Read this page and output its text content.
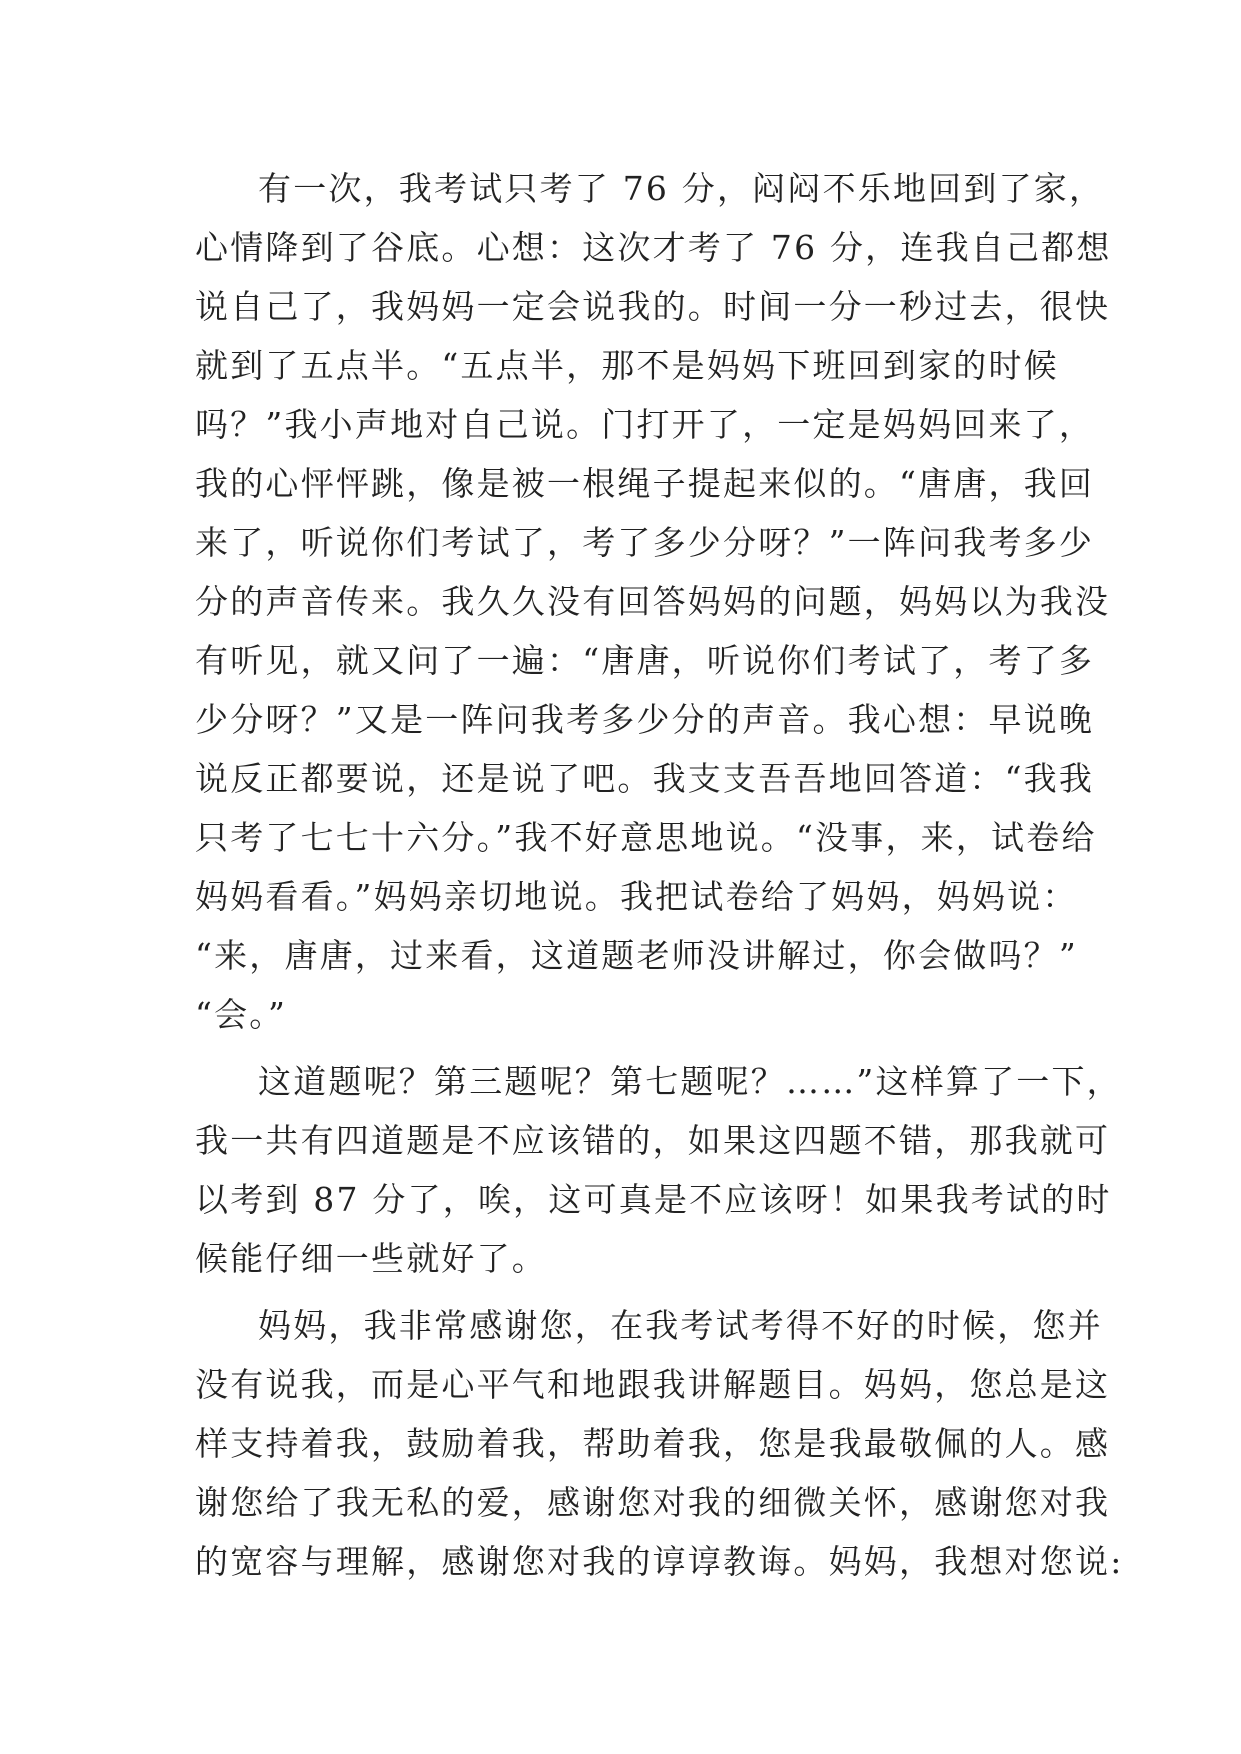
有一次，我考试只考了 76 分，闷闷不乐地回到了家，
心情降到了谷底。心想：这次才考了 76 分，连我自己都想
说自己了，我妈妈一定会说我的。时间一分一秒过去，很快
就到了五点半。“五点半，那不是妈妈下班回到家的时候
吗？”我小声地对自己说。门打开了，一定是妈妈回来了，
我的心怦怦跳，像是被一根绳子提起来似的。“唐唐，我回
来了，听说你们考试了，考了多少分呀？”一阵问我考多少
分的声音传来。我久久没有回答妈妈的问题，妈妈以为我没
有听见，就又问了一遍：“唐唐，听说你们考试了，考了多
少分呀？”又是一阵问我考多少分的声音。我心想：早说晚
说反正都要说，还是说了吧。我支支吾吾地回答道：“我我
只考了七七十六分。”我不好意思地说。“没事，来，试卷给
妈妈看看。”妈妈亲切地说。我把试卷给了妈妈，妈妈说：
“来，唐唐，过来看，这道题老师没讲解过，你会做吗？”
“会。”
这道题呢？第三题呢？第七题呢？……”这样算了一下，
我一共有四道题是不应该错的，如果这四题不错，那我就可
以考到 87 分了，唉，这可真是不应该呀！如果我考试的时
候能仔细一些就好了。
妈妈，我非常感谢您，在我考试考得不好的时候，您并
没有说我，而是心平气和地跟我讲解题目。妈妈，您总是这
样支持着我，鼓励着我，帮助着我，您是我最敬佩的人。感
谢您给了我无私的爱，感谢您对我的细微关怀，感谢您对我
的宽容与理解，感谢您对我的谆谆教诲。妈妈，我想对您说:
